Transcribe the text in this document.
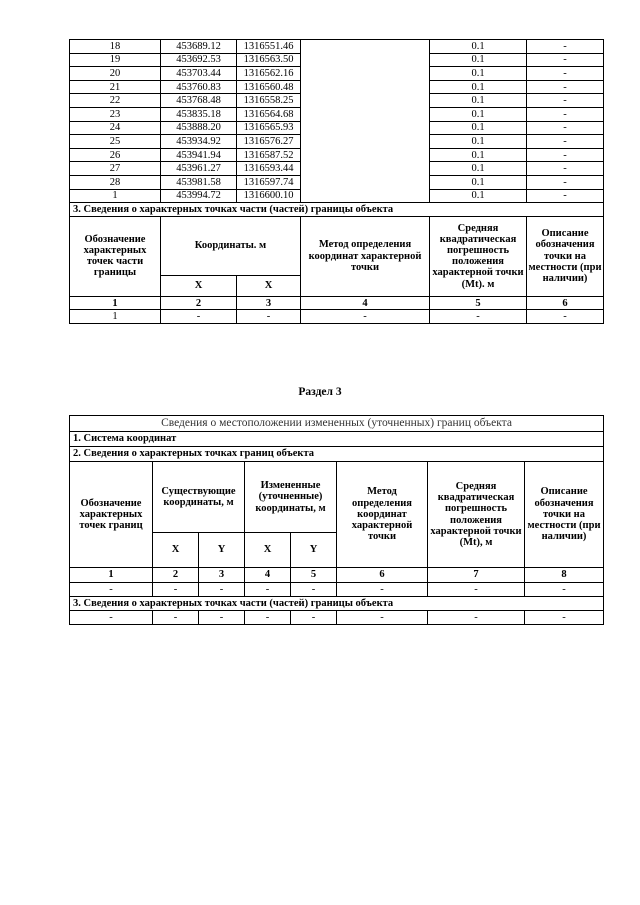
18	453689.12	1316551.46		0.1	-
19	453692.53	1316563.50		0.1	-
20	453703.44	1316562.16		0.1	-
21	453760.83	1316560.48		0.1	-
22	453768.48	1316558.25		0.1	-
23	453835.18	1316564.68		0.1	-
24	453888.20	1316565.93		0.1	-
25	453934.92	1316576.27		0.1	-
26	453941.94	1316587.52		0.1	-
27	453961.27	1316593.44		0.1	-
28	453981.58	1316597.74		0.1	-
1	453994.72	1316600.10		0.1	-
3. Сведения о характерных точках части (частей) границы объекта					
Обозначение характерных точек части границы	Координаты. м		Метод определения координат характерной точки	Средняя квадратическая погрешность положения характерной точки (Mt). м	Описание обозначения точки на местности (при наличии)
	X	X			
1	2	3	4	5	6
1	-	-	-	-	-
Раздел 3
Сведения о местоположении измененных (уточненных) границ объекта							
1. Система координат							
2. Сведения о характерных точках границ объекта							
Обозначение характерных точек границ	Существующие координаты, м		Измененные (уточненные) координаты, м		Метод определения координат характерной точки	Средняя квадратическая погрешность положения характерной точки (Mt), м	Описание обозначения точки на местности (при наличии)
	X	Y	X	Y			
1	2	3	4	5	6	7	8
-	-	-	-	-	-	-	-
3. Сведения о характерных точках части (частей) границы объекта							
-	-	-	-	-	-	-	-
